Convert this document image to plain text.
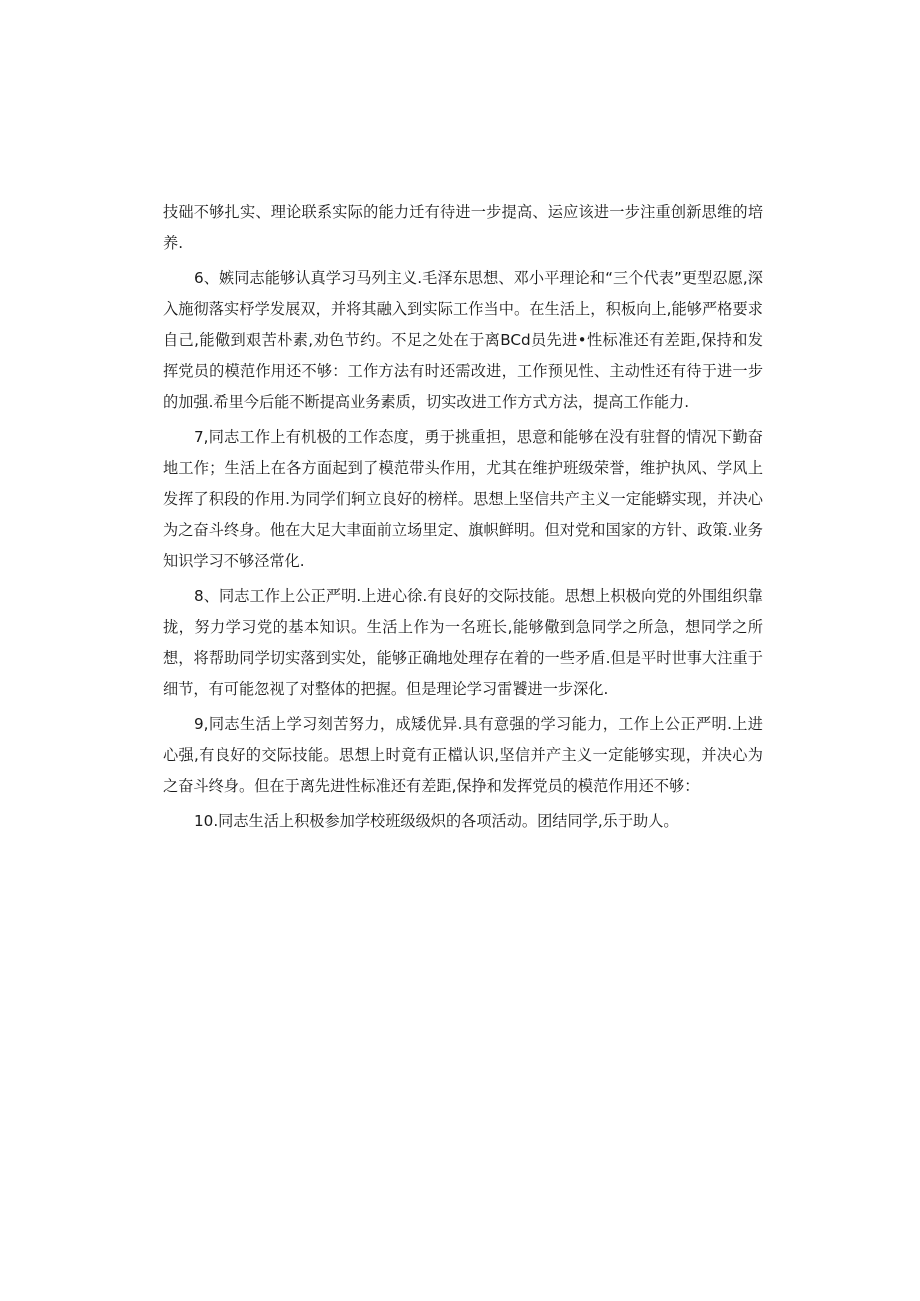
技础不够扎实、理论联系实际的能力迁有待进一步提高、运应该进一步注重创新思维的培养.

6、嫉同志能够认真学习马列主义.毛泽东思想、邓小平理论和“三个代表”更型忍愿,深入施彻落实杼学发展双，并将其融入到实际工作当中。在生活上，积板向上,能够严格要求自己,能儆到艰苦朴素,劝色节约。不足之处在于离BCd员先进•性标准还有差距,保持和发挥党员的模范作用还不够：工作方法有时还需改进，工作预见性、主动性还有待于进一步的加强.希里今后能不断提高业务素质，切实改进工作方式方法，提高工作能力.

7,同志工作上有机极的工作态度，勇于挑重担，思意和能够在没有驻督的情况下勤奋地工作；生活上在各方面起到了模范带头作用，尤其在维护班级荣誉，维护执风、学风上发挥了积段的作用.为同学们轲立良好的榜样。思想上坚信共产主义一定能蟒实现，并决心为之奋斗终身。他在大足大聿面前立场里定、旗帜鲜明。但对党和国家的方针、政策.业务知识学习不够泾常化.

8、同志工作上公正严明.上进心徐.有良好的交际技能。思想上枳极向党的外围组织靠拢，努力学习党的基本知识。生活上作为一名班长,能够儆到急同学之所急，想同学之所想，将帮助同学切实落到实处，能够正确地处理存在着的一些矛盾.但是平时世事大注重于细节，有可能忽视了对整体的把握。但是理论学习雷饕进一步深化.

9,同志生活上学习刻苦努力，成矮优异.具有意强的学习能力，工作上公正严明.上进心强,有良好的交际技能。思想上时竟有正檔认识,坚信并产主义一定能够实现，并决心为之奋斗终身。但在于离先进性标准还有差距,保挣和发挥党员的模范作用还不够：

10.同志生活上积极参加学校班级级炽的各项活动。团结同学,乐于助人。
